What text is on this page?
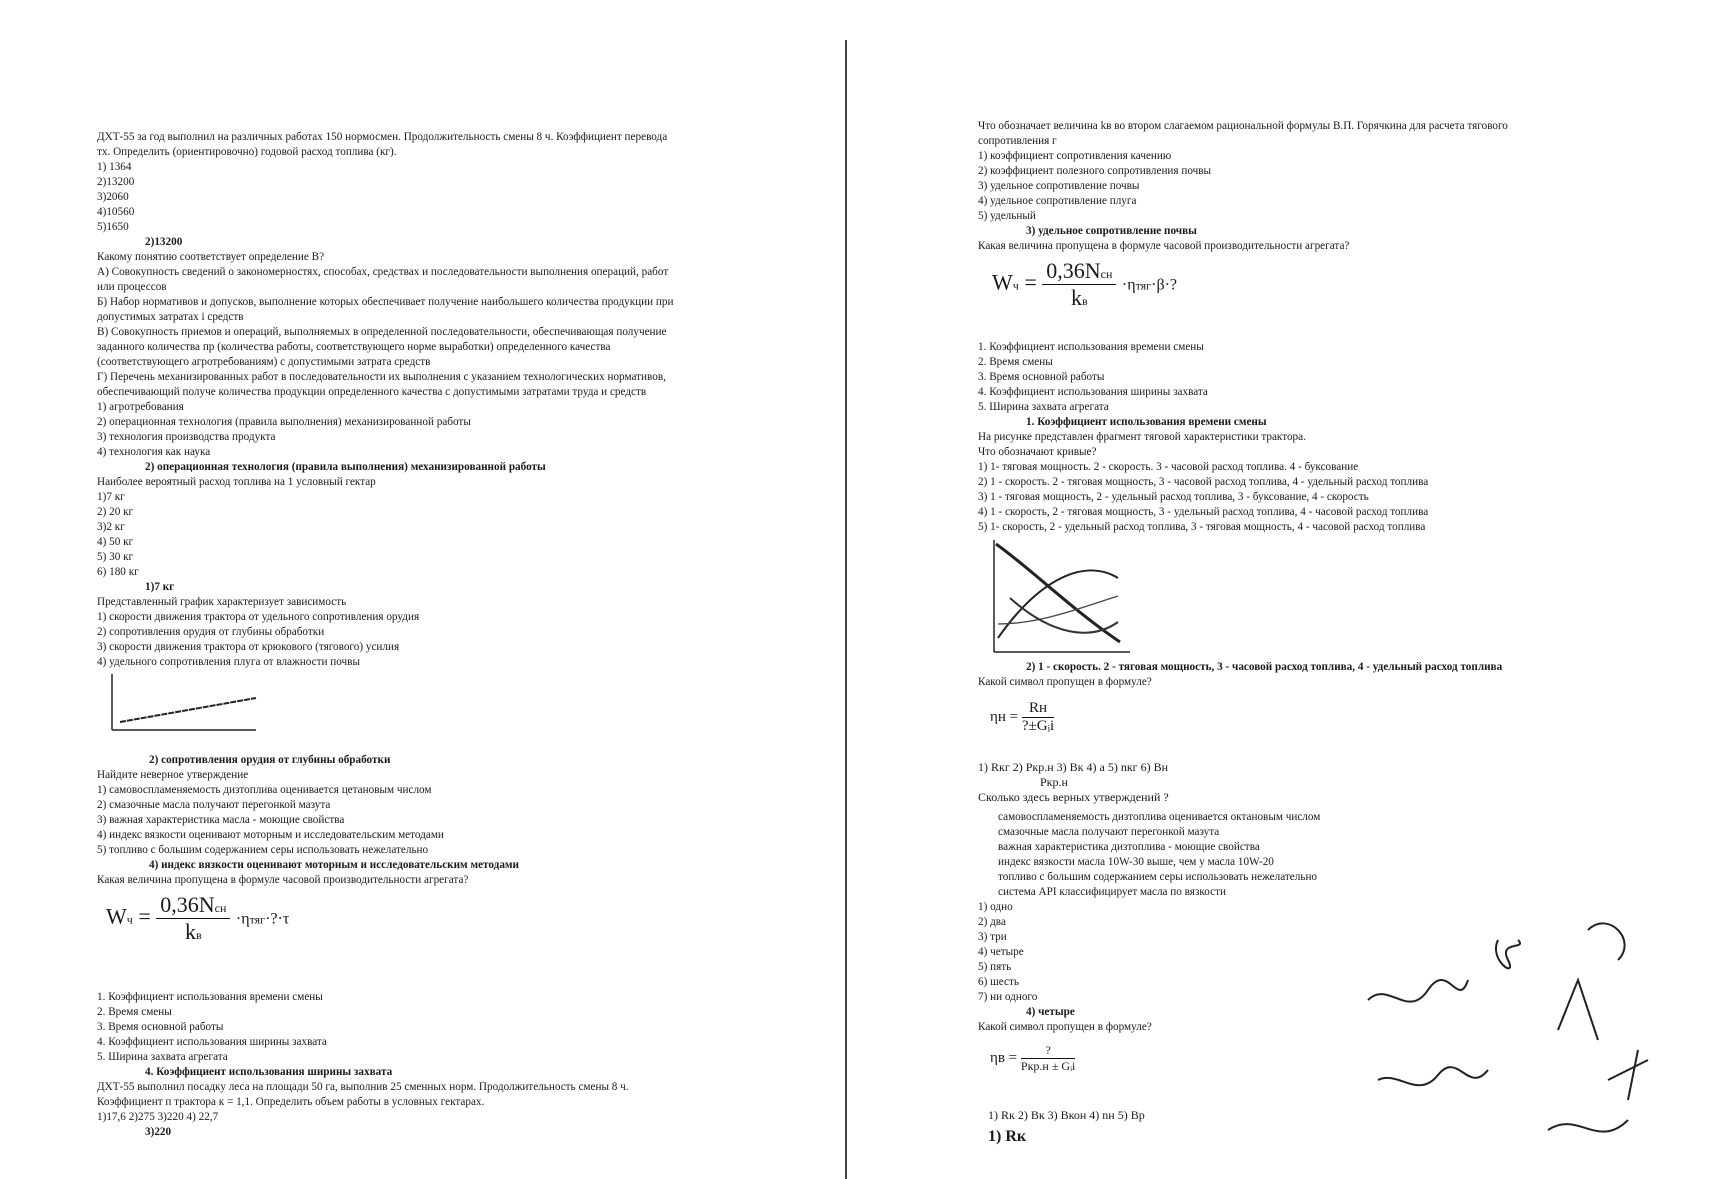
ДХТ-55 за год выполнил на различных работах 150 нормосмен. Продолжительность смены 8 ч. Коэффициент перевода
тх. Определить (ориентировочно) годовой расход топлива (кг).
1) 1364
2)13200
3)2060
4)10560
5)1650
2)13200
Какому понятию соответствует определение В?
А) Совокупность сведений о закономерностях, способах, средствах и последовательности выполнения операций, работ
или процессов
Б) Набор нормативов и допусков, выполнение которых обеспечивает получение наибольшего количества продукции при
допустимых затратах i средств
В) Совокупность приемов и операций, выполняемых в определенной последовательности, обеспечивающая получение
заданного количества пр (количества работы, соответствующего норме выработки) определенного качества
(соответствующего агротребованиям) с допустимыми затрата средств
Г) Перечень механизированных работ в последовательности их выполнения с указанием технологических нормативов,
обеспечивающий получе количества продукции определенного качества с допустимыми затратами труда и средств
1) агротребования
2) операционная технология (правила выполнения) механизированной работы
3) технология производства продукта
4) технология как наука
2) операционная технология (правила выполнения) механизированной работы
Наиболее вероятный расход топлива на 1 условный гектар
1)7 кг
2) 20 кг
3)2 кг
4) 50 кг
5) 30 кг
6) 180 кг
1)7 кг
Представленный график характеризует зависимость
1) скорости движения трактора от удельного сопротивления орудия
2) сопротивления орудия от глубины обработки
3) скорости движения трактора от крюкового (тягового) усилия
4) удельного сопротивления плуга от влажности почвы
2) сопротивления орудия от глубины обработки
Найдите неверное утверждение
1) самовоспламеняемость дизтоплива оценивается цетановым числом
2) смазочные масла получают перегонкой мазута
3) важная характеристика масла - моющие свойства
4) индекс вязкости оценивают моторным и исследовательским методами
5) топливо с большим содержанием серы использовать нежелательно
4) индекс вязкости оценивают моторным и исследовательским методами
Какая величина пропущена в формуле часовой производительности агрегата?
Wч = $\frac{\text{0,36Nсн}}{kв}$ ·ηтяг·?·τ
1. Коэффициент использования времени смены
2. Время смены
3. Время основной работы
4. Коэффициент использования ширины захвата
5. Ширина захвата агрегата
4. Коэффициент использования ширины захвата
ДХТ-55 выполнил посадку леса на площади 50 га, выполнив 25 сменных норм. Продолжительность смены 8 ч.
Коэффициент п трактора к = 1,1. Определить объем работы в условных гектарах.
1)17,6 2)275 3)220 4) 22,7
3)220
Что обозначает величина kв во втором слагаемом рациональной формулы В.П. Горячкина для расчета тягового
сопротивления г
1) коэффициент сопротивления качению
2) коэффициент полезного сопротивления почвы
3) удельное сопротивление почвы
4) удельное сопротивление плуга
5) удельный
3) удельное сопротивление почвы
Какая величина пропущена в формуле часовой производительности агрегата?
Wч = $\frac{\text{0,36Nсн}}{kв} \cdot\eta тяг\cdot\beta\cdot$?
1. Коэффициент использования времени смены
2. Время смены
3. Время основной работы
4. Коэффициент использования ширины захвата
5. Ширина захвата агрегата
1. Коэффициент использования времени смены
На рисунке представлен фрагмент тяговой характеристики трактора.
Что обозначают кривые?
1) 1- тяговая мощность. 2 - скорость. 3 - часовой расход топлива. 4 - буксование
2) 1 - скорость. 2 - тяговая мощность, 3 - часовой расход топлива, 4 - удельный расход топлива
3) 1 - тяговая мощность, 2 - удельный расход топлива, 3 - буксование, 4 - скорость
4) 1 - скорость, 2 - тяговая мощность, 3 - удельный расход топлива, 4 - часовой расход топлива
5) 1- скорость, 2 - удельный расход топлива, 3 - тяговая мощность, 4 - часовой расход топлива
2) 1 - скорость. 2 - тяговая мощность, 3 - часовой расход топлива, 4 - удельный расход топлива
Какой символ пропущен в формуле?
ηн =
Rн
?±Gᵢi
1) Rкг 2) Pкр.н 3) Bк 4) а 5) nкг 6) Bн
Ркр.н
Сколько здесь верных утверждений ?
самовоспламеняемость дизтоплива оценивается октановым числом
смазочные масла получают перегонкой мазута
важная характеристика дизтоплива - моющие свойства
индекс вязкости масла 10W-30 выше, чем у масла 10W-20
топливо с большим содержанием серы использовать нежелательно
система API классифицирует масла по вязкости
1) одно
2) два
3) три
4) четыре
5) пять
6) шесть
7) ни одного
4) четыре
Какой символ пропущен в формуле?
ηв =	?
Pкр.н ± Gᵢi
1) Rк 2) Bк 3) Bкон 4) nн 5) Bр
1) Rк
